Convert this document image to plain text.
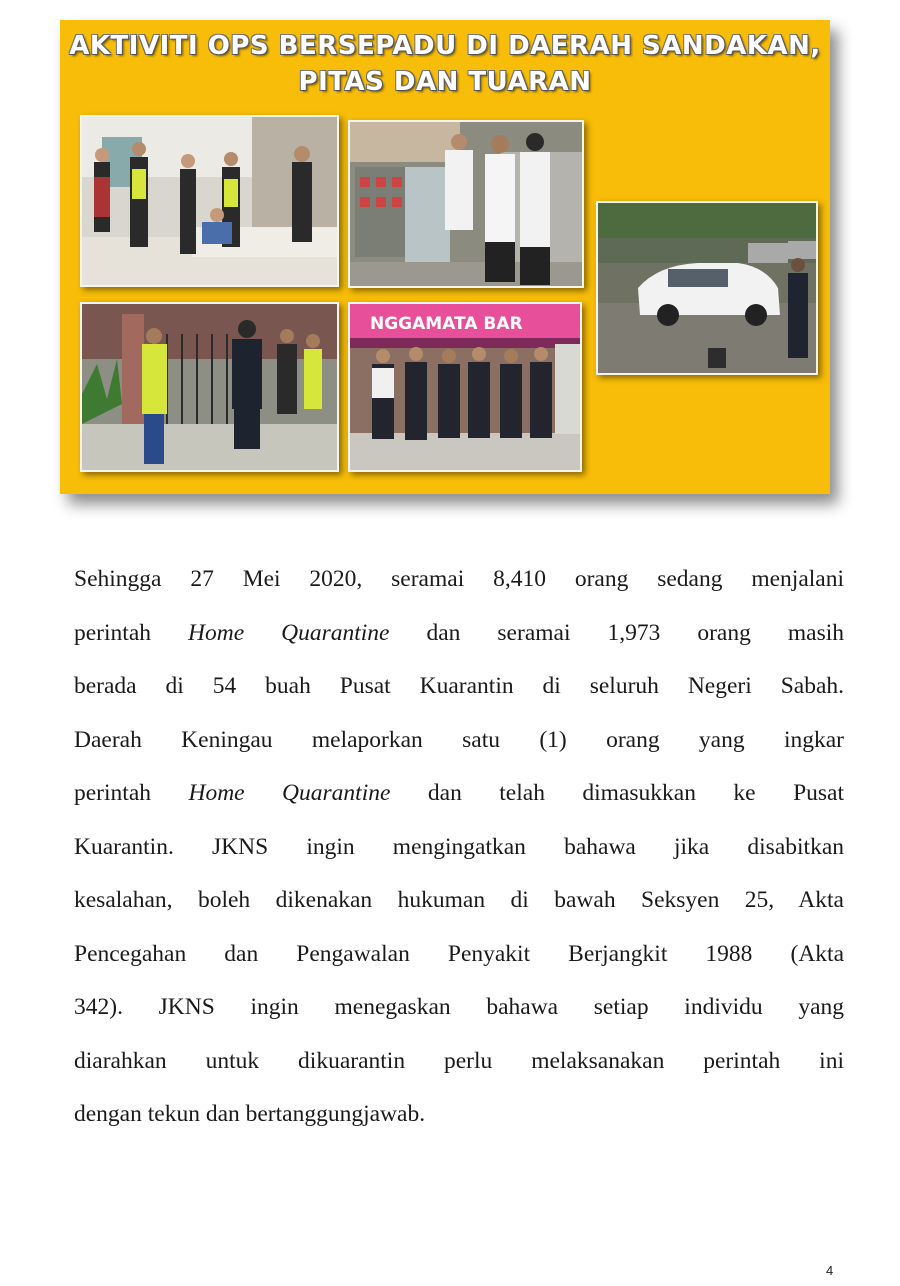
AKTIVITI OPS BERSEPADU DI DAERAH SANDAKAN,
PITAS DAN TUARAN
NGGAMATA BAR

Sehingga 27 Mei 2020, seramai 8,410 orang sedang menjalani
perintah Home Quarantine dan seramai 1,973 orang masih
berada di 54 buah Pusat Kuarantin di seluruh Negeri Sabah.
Daerah Keningau melaporkan satu (1) orang yang ingkar
perintah Home Quarantine dan telah dimasukkan ke Pusat
Kuarantin. JKNS ingin mengingatkan bahawa jika disabitkan
kesalahan, boleh dikenakan hukuman di bawah Seksyen 25, Akta
Pencegahan dan Pengawalan Penyakit Berjangkit 1988 (Akta
342). JKNS ingin menegaskan bahawa setiap individu yang
diarahkan untuk dikuarantin perlu melaksanakan perintah ini
dengan tekun dan bertanggungjawab.

4
